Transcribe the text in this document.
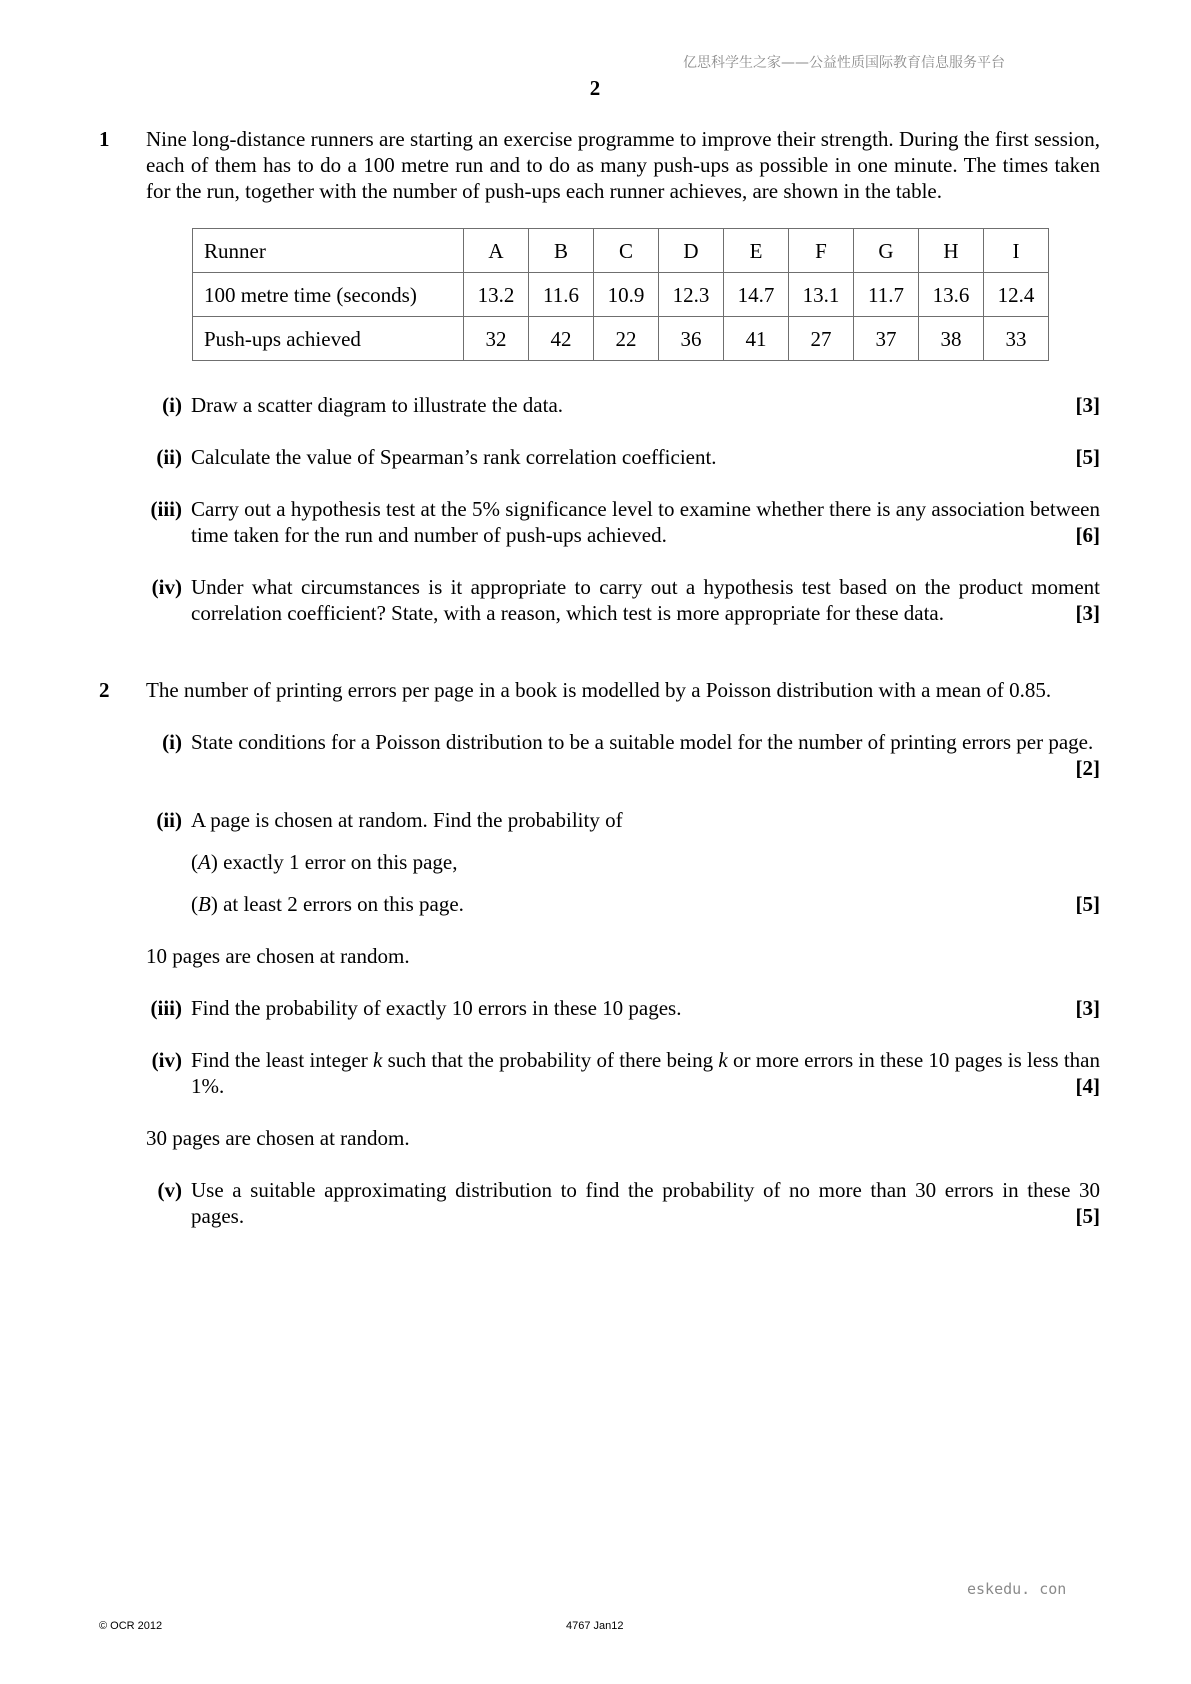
亿思科学生之家——公益性质国际教育信息服务平台
2
1 Nine long-distance runners are starting an exercise programme to improve their strength. During the first session, each of them has to do a 100 metre run and to do as many push-ups as possible in one minute. The times taken for the run, together with the number of push-ups each runner achieves, are shown in the table.
Runner	A	B	C	D	E	F	G	H	I
100 metre time (seconds)	13.2	11.6	10.9	12.3	14.7	13.1	11.7	13.6	12.4
Push-ups achieved	32	42	22	36	41	27	37	38	33
(i) Draw a scatter diagram to illustrate the data.	[3]
(ii) Calculate the value of Spearman’s rank correlation coefficient.	[5]
(iii) Carry out a hypothesis test at the 5% significance level to examine whether there is any association between time taken for the run and number of push-ups achieved.	[6]
(iv) Under what circumstances is it appropriate to carry out a hypothesis test based on the product moment correlation coefficient? State, with a reason, which test is more appropriate for these data.	[3]
2 The number of printing errors per page in a book is modelled by a Poisson distribution with a mean of 0.85.
(i) State conditions for a Poisson distribution to be a suitable model for the number of printing errors per page.
[2]
(ii) A page is chosen at random. Find the probability of
(A) exactly 1 error on this page,
(B) at least 2 errors on this page.	[5]
10 pages are chosen at random.
(iii) Find the probability of exactly 10 errors in these 10 pages.	[3]
(iv) Find the least integer k such that the probability of there being k or more errors in these 10 pages is less than 1%.	[4]
30 pages are chosen at random.
(v) Use a suitable approximating distribution to find the probability of no more than 30 errors in these 30 pages.	[5]
eskedu. con
© OCR 2012	4767 Jan12
